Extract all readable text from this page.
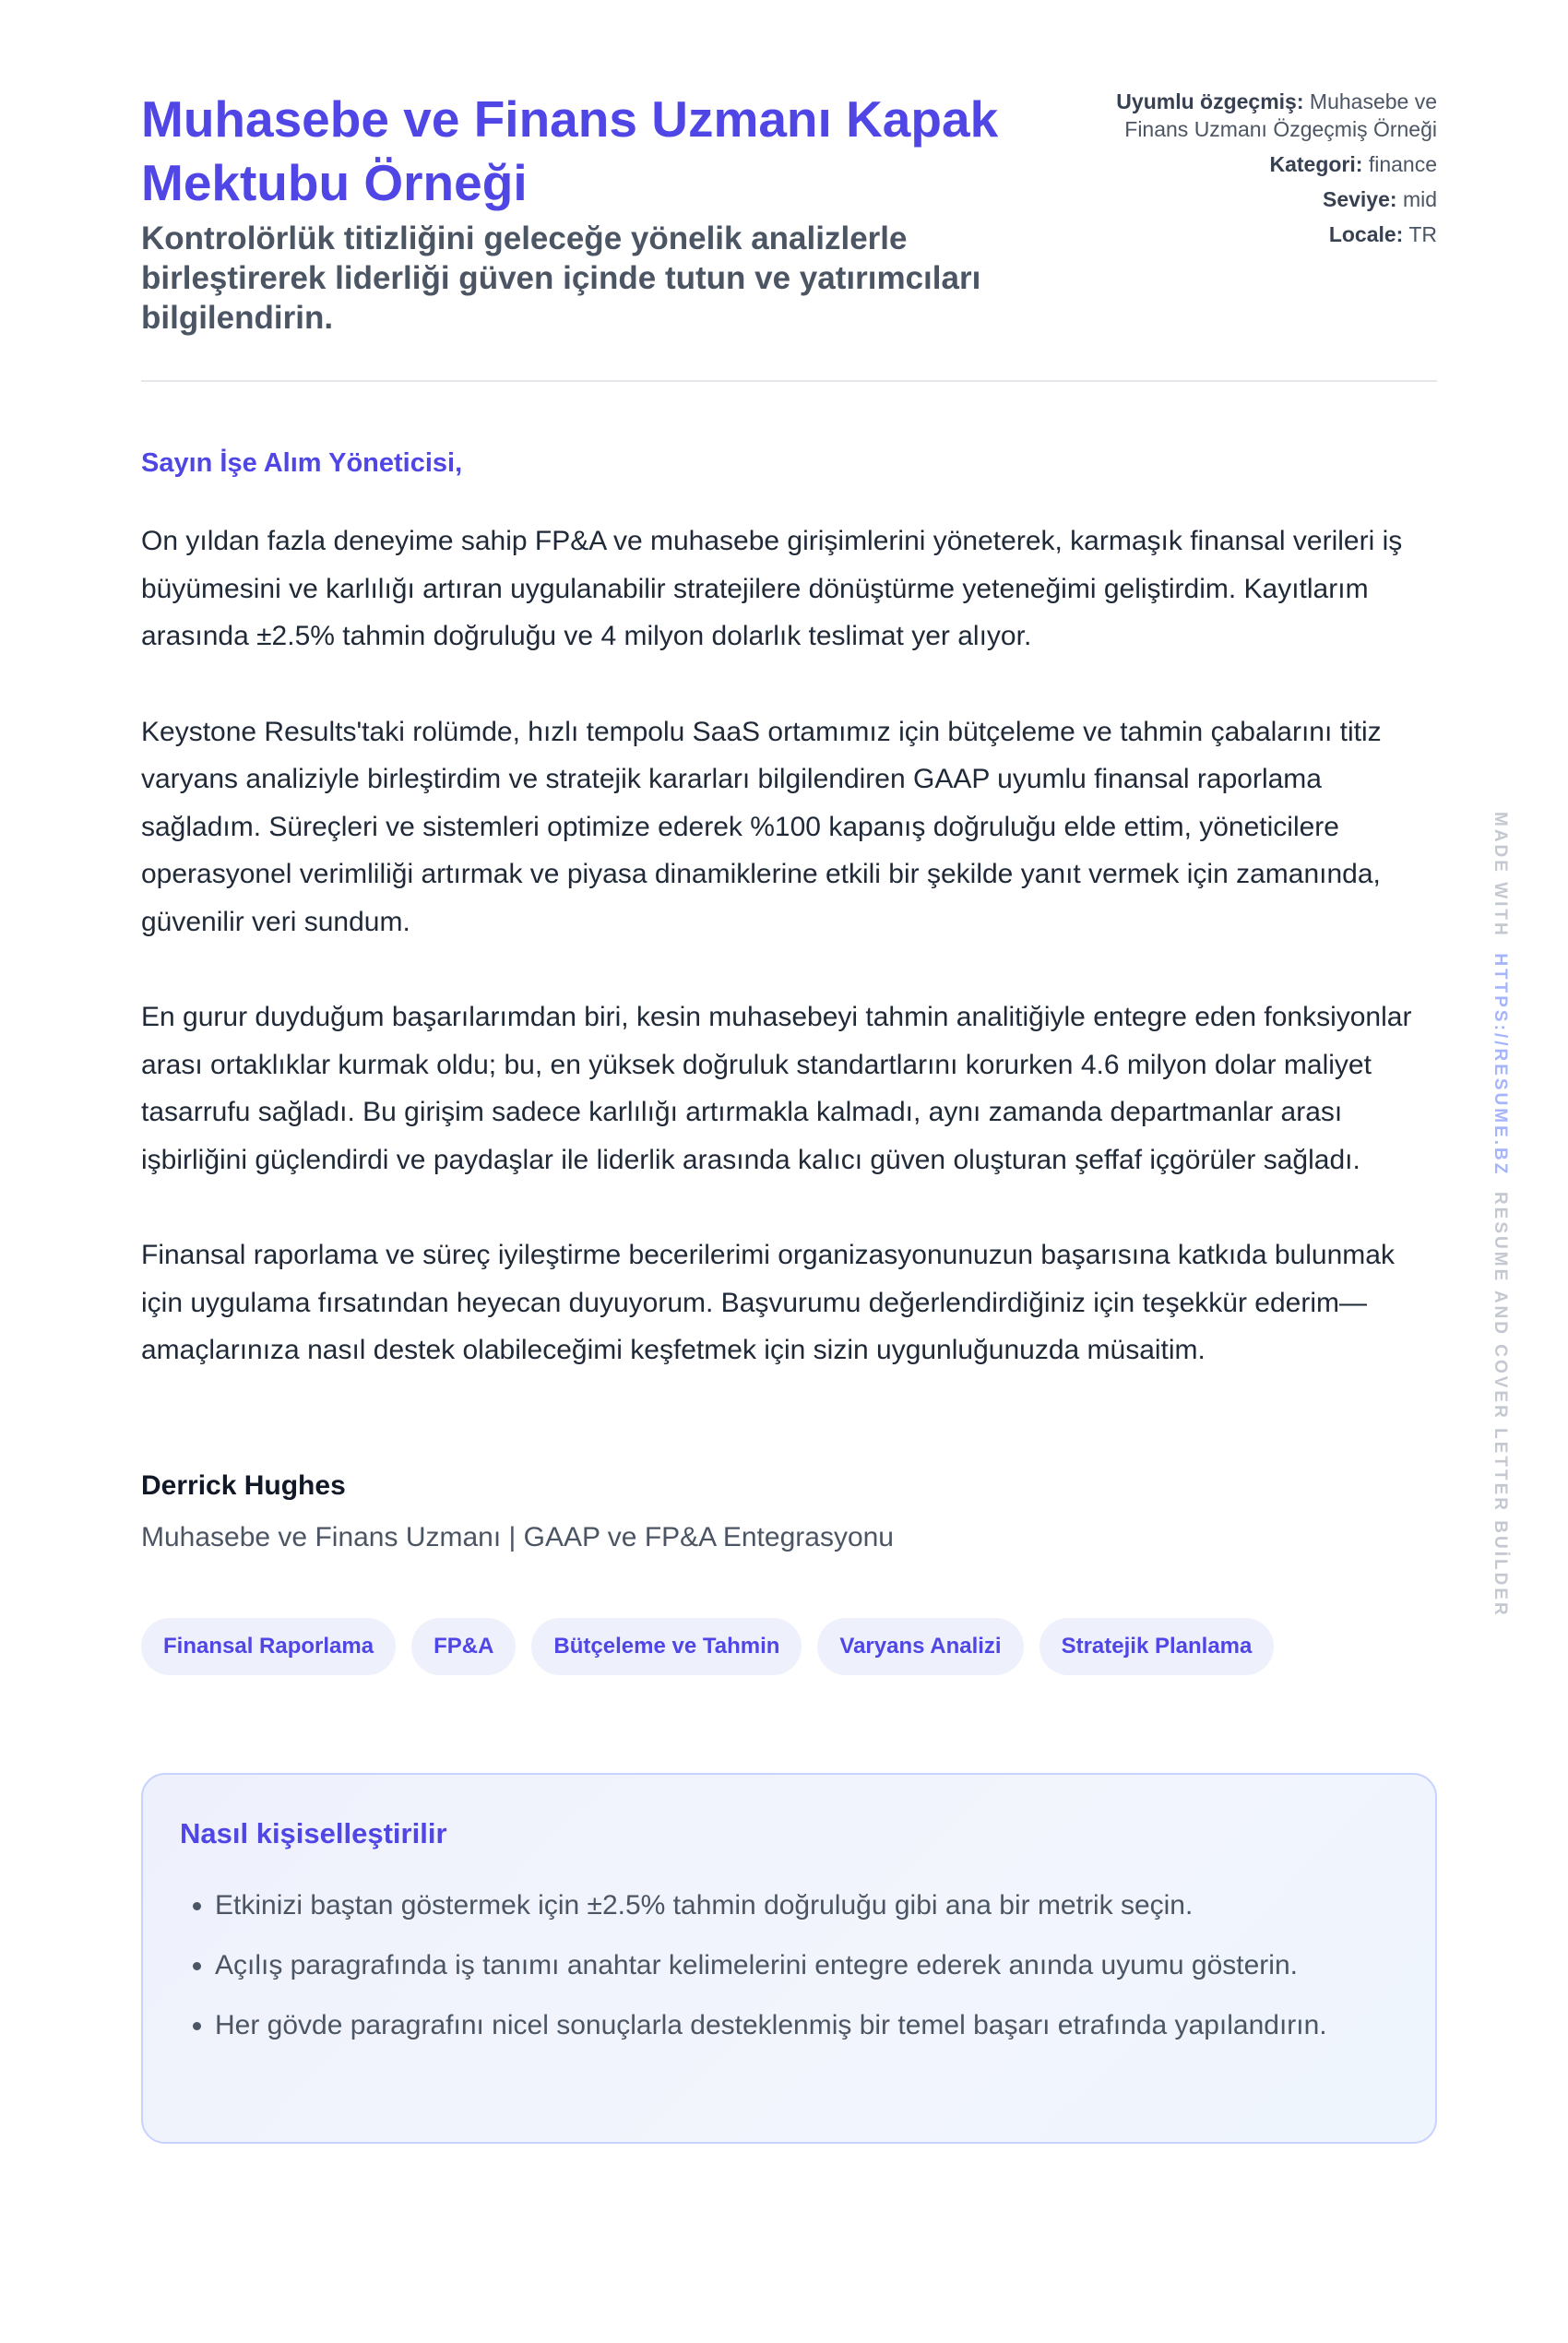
Muhasebe ve Finans Uzmanı Kapak Mektubu Örneği

Kontrolörlük titizliğini geleceğe yönelik analizlerle birleştirerek liderliği güven içinde tutun ve yatırımcıları bilgilendirin.

Uyumlu özgeçmiş: Muhasebe ve Finans Uzmanı Özgeçmiş Örneği
Kategori: finance
Seviye: mid
Locale: TR
Sayın İşe Alım Yöneticisi,
On yıldan fazla deneyime sahip FP&A ve muhasebe girişimlerini yöneterek, karmaşık finansal verileri iş büyümesini ve karlılığı artıran uygulanabilir stratejilere dönüştürme yeteneğimi geliştirdim. Kayıtlarım arasında ±2.5% tahmin doğruluğu ve 4 milyon dolarlık teslimat yer alıyor.
Keystone Results'taki rolümde, hızlı tempolu SaaS ortamımız için bütçeleme ve tahmin çabalarını titiz varyans analiziyle birleştirdim ve stratejik kararları bilgilendiren GAAP uyumlu finansal raporlama sağladım. Süreçleri ve sistemleri optimize ederek %100 kapanış doğruluğu elde ettim, yöneticilere operasyonel verimliliği artırmak ve piyasa dinamiklerine etkili bir şekilde yanıt vermek için zamanında, güvenilir veri sundum.
En gurur duyduğum başarılarımdan biri, kesin muhasebeyi tahmin analitiğiyle entegre eden fonksiyonlar arası ortaklıklar kurmak oldu; bu, en yüksek doğruluk standartlarını korurken 4.6 milyon dolar maliyet tasarrufu sağladı. Bu girişim sadece karlılığı artırmakla kalmadı, aynı zamanda departmanlar arası işbirliğini güçlendirdi ve paydaşlar ile liderlik arasında kalıcı güven oluşturan şeffaf içgörüler sağladı.
Finansal raporlama ve süreç iyileştirme becerilerimi organizasyonunuzun başarısına katkıda bulunmak için uygulama fırsatından heyecan duyuyorum. Başvurumu değerlendirdiğiniz için teşekkür ederim—amaçlarınıza nasıl destek olabileceğimi keşfetmek için sizin uygunluğunuzda müsaitim.
Derrick Hughes
Muhasebe ve Finans Uzmanı | GAAP ve FP&A Entegrasyonu
Finansal Raporlama	FP&A	Bütçeleme ve Tahmin	Varyans Analizi	Stratejik Planlama
Nasıl kişiselleştirilir
• Etkinizi baştan göstermek için ±2.5% tahmin doğruluğu gibi ana bir metrik seçin.
• Açılış paragrafında iş tanımı anahtar kelimelerini entegre ederek anında uyumu gösterin.
• Her gövde paragrafını nicel sonuçlarla desteklenmiş bir temel başarı etrafında yapılandırın.
MADE WITH  HTTPS://RESUME.BZ  RESUME AND COVER LETTER BUİLDER
